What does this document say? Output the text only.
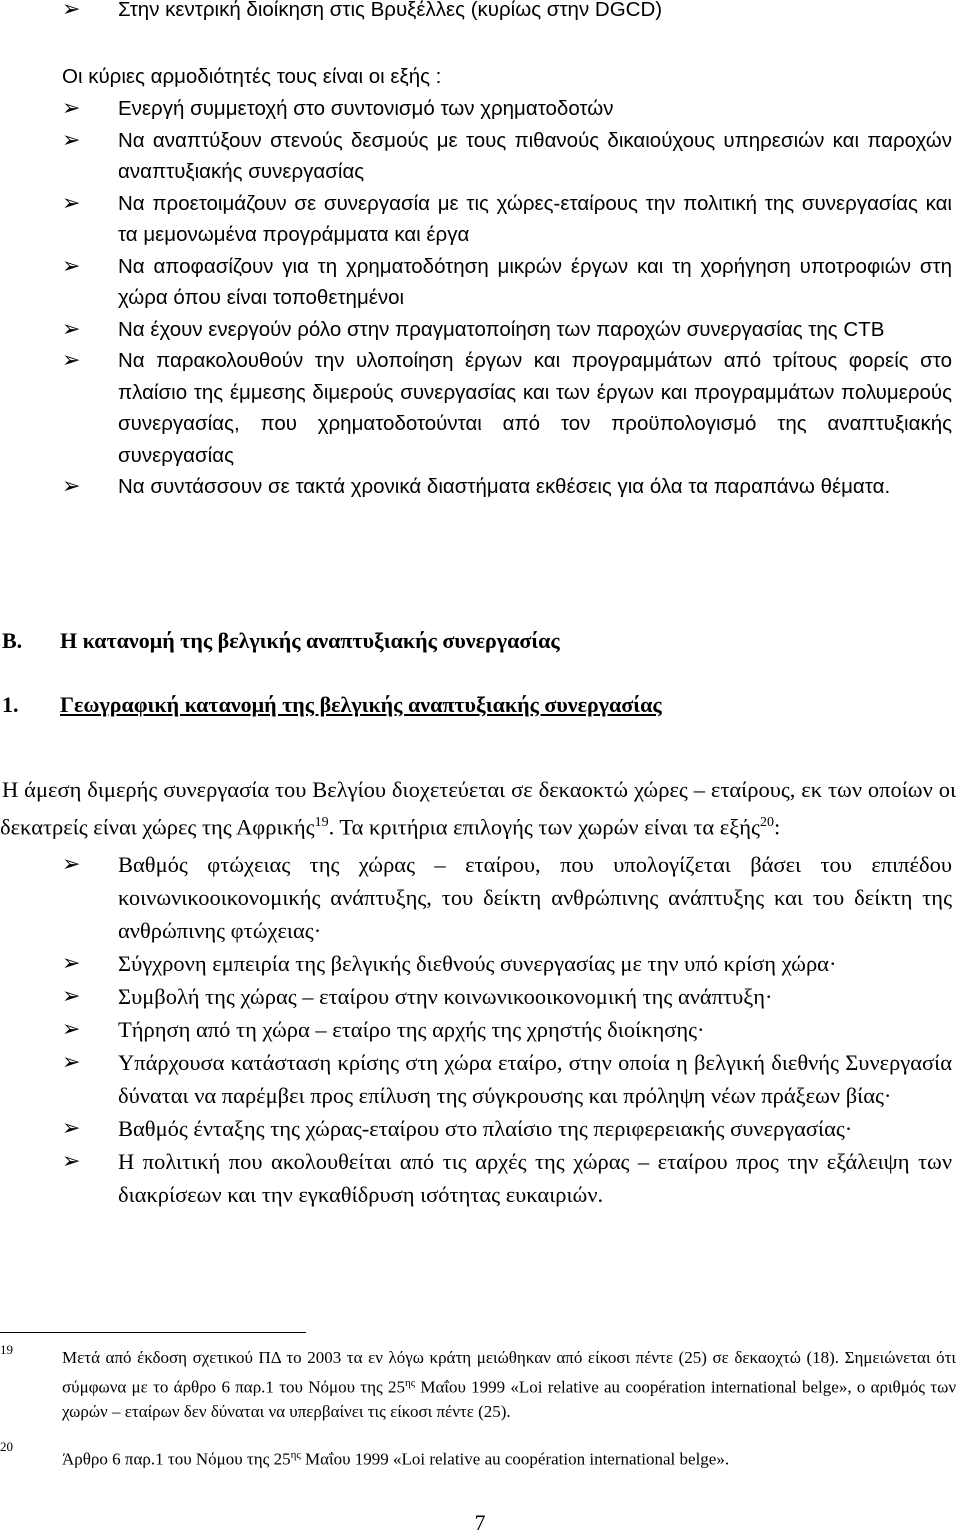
➢ Στην κεντρική διοίκηση στις Βρυξέλλες (κυρίως στην DGCD)
Οι κύριες αρμοδιότητές τους είναι οι εξής :
➢ Ενεργή συμμετοχή στο συντονισμό των χρηματοδοτών
➢ Να αναπτύξουν στενούς δεσμούς με τους πιθανούς δικαιούχους υπηρεσιών και παροχών αναπτυξιακής συνεργασίας
➢ Να προετοιμάζουν σε συνεργασία με τις χώρες-εταίρους την πολιτική της συνεργασίας και τα μεμονωμένα προγράμματα και έργα
➢ Να αποφασίζουν για τη χρηματοδότηση μικρών έργων και τη χορήγηση υποτροφιών στη χώρα όπου είναι τοποθετημένοι
➢ Να έχουν ενεργούν ρόλο στην πραγματοποίηση των παροχών συνεργασίας της CTB
➢ Να παρακολουθούν την υλοποίηση έργων και προγραμμάτων από τρίτους φορείς στο πλαίσιο της έμμεσης διμερούς συνεργασίας και των έργων και προγραμμάτων πολυμερούς συνεργασίας, που χρηματοδοτούνται από τον προϋπολογισμό της αναπτυξιακής συνεργασίας
➢ Να συντάσσουν σε τακτά χρονικά διαστήματα εκθέσεις για όλα τα παραπάνω θέματα.
Β. Η κατανομή της βελγικής αναπτυξιακής συνεργασίας
1. Γεωγραφική κατανομή της βελγικής αναπτυξιακής συνεργασίας

Η άμεση διμερής συνεργασία του Βελγίου διοχετεύεται σε δεκαοκτώ χώρες – εταίρους, εκ των οποίων οι δεκατρείς είναι χώρες της Αφρικής$^{19}$. Τα κριτήρια επιλογής των χωρών είναι τα εξής$^{20}$:

➢ Βαθμός φτώχειας της χώρας – εταίρου, που υπολογίζεται βάσει του επιπέδου κοινωνικοοικονομικής ανάπτυξης, του δείκτη ανθρώπινης ανάπτυξης και του δείκτη της ανθρώπινης φτώχειας·
➢ Σύγχρονη εμπειρία της βελγικής διεθνούς συνεργασίας με την υπό κρίση χώρα·
➢ Συμβολή της χώρας – εταίρου στην κοινωνικοοικονομική της ανάπτυξη·
➢ Τήρηση από τη χώρα – εταίρο της αρχής της χρηστής διοίκησης·
➢ Υπάρχουσα κατάσταση κρίσης στη χώρα εταίρο, στην οποία η βελγική διεθνής Συνεργασία δύναται να παρέμβει προς επίλυση της σύγκρουσης και πρόληψη νέων πράξεων βίας·
➢ Βαθμός ένταξης της χώρας-εταίρου στο πλαίσιο της περιφερειακής συνεργασίας·
➢ Η πολιτική που ακολουθείται από τις αρχές της χώρας – εταίρου προς την εξάλειψη των διακρίσεων και την εγκαθίδρυση ισότητας ευκαιριών.
19	Μετά από έκδοση σχετικού ΠΔ το 2003 τα εν λόγω κράτη μειώθηκαν από είκοσι πέντε (25) σε δεκαοχτώ (18). Σημειώνεται ότι σύμφωνα με το άρθρο 6 παρ.1 του Νόμου της $25^{\eta\varsigma}$ Μαΐου 1999 «Loi relative au coopération international belge», ο αριθμός των χωρών – εταίρων δεν δύναται να υπερβαίνει τις είκοσι πέντε (25).
20
Άρθρο 6 παρ.1 του Νόμου της $25^{\eta\varsigma}$ Μαΐου 1999 «Loi relative au coopération international belge».
7
